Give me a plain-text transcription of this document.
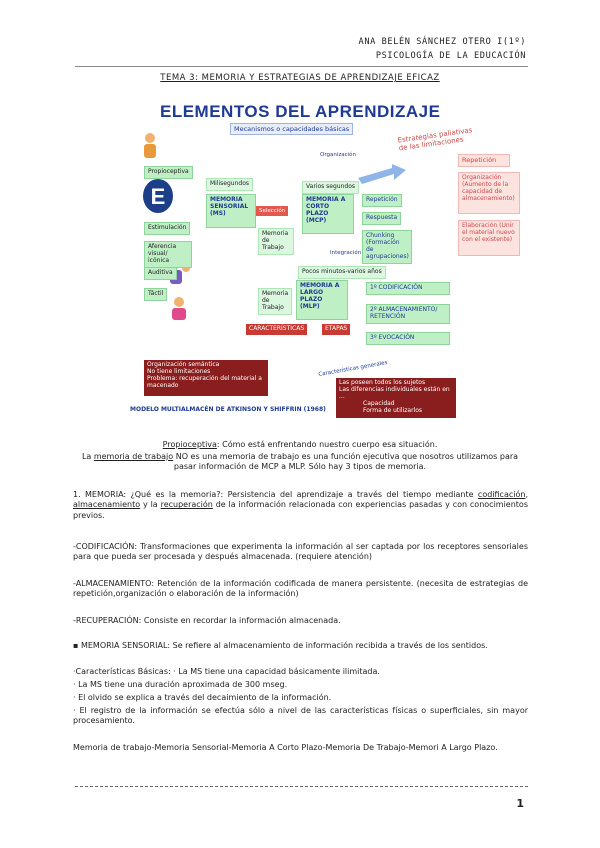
ANA BELÉN SÁNCHEZ OTERO I(1º)
PSICOLOGÍA DE LA EDUCACIÓN
TEMA 3: MEMORIA Y ESTRATEGIAS DE APRENDIZAJE EFICAZ
ELEMENTOS DEL APRENDIZAJE
Mecanismos o capacidades básicas	Estrategias paliativas de las limitaciones
E
Propioceptiva
Estimulación
Aferencia visual/ icónica
Auditiva
Táctil
Milisegundos
MEMORIA SENSORIAL (MS)	Selección
Organización
Varios segundos
MEMORIA A CORTO PLAZO (MCP)
Memoria de Trabajo
Repetición
Respuesta
Chunking (Formación de agrupaciones)
Integración
Pocos minutos-varios años
Repetición
Organización (Aumento de la capacidad de almacenamiento)
Elaboración (Unir el material nuevo con el existente)
Memoria de Trabajo
MEMORIA A LARGO PLAZO (MLP)
1º CODIFICACIÓN
2º ALMACENAMIENTO/ RETENCIÓN
3º EVOCACIÓN
CARACTERÍSTICAS	ETAPAS
Organización semántica
No tiene limitaciones
Problema: recuperación del material a macenado
Características generales
Las poseen todos los sujetos
Las diferencias individuales están en ...
Capacidad
Forma de utilizarlos
MODELO MULTIALMACÉN DE ATKINSON Y SHIFFRIN (1968)
Propioceptiva: Cómo está enfrentando nuestro cuerpo esa situación.
La memoria de trabajo NO es una memoria de trabajo es una función ejecutiva que nosotros utilizamos para pasar información de MCP a MLP. Sólo hay 3 tipos de memoria.
1. MEMORIA: ¿Qué es la memoria?: Persistencia del aprendizaje a través del tiempo mediante codificación, almacenamiento y la recuperación de la información relacionada con experiencias pasadas y con conocimientos previos.
-CODIFICACIÓN: Transformaciones que experimenta la información al ser captada por los receptores sensoriales para que pueda ser procesada y después almacenada. (requiere atención)
-ALMACENAMIENTO: Retención de la información codificada de manera persistente. (necesita de estrategias de repetición,organización o elaboración de la información)
-RECUPERACIÓN: Consiste en recordar la información almacenada.
▪ MEMORIA SENSORIAL: Se refiere al almacenamiento de información recibida a través de los sentidos.
·Características Básicas: · La MS tiene una capacidad básicamente ilimitada.
· La MS tiene una duración aproximada de 300 mseg.
· El olvido se explica a través del decaimiento de la información.
· El registro de la información se efectúa sólo a nivel de las características físicas o superficiales, sin mayor procesamiento.
Memoria de trabajo-Memoria Sensorial-Memoria A Corto Plazo-Memoria De Trabajo-Memori A Largo Plazo.
1
